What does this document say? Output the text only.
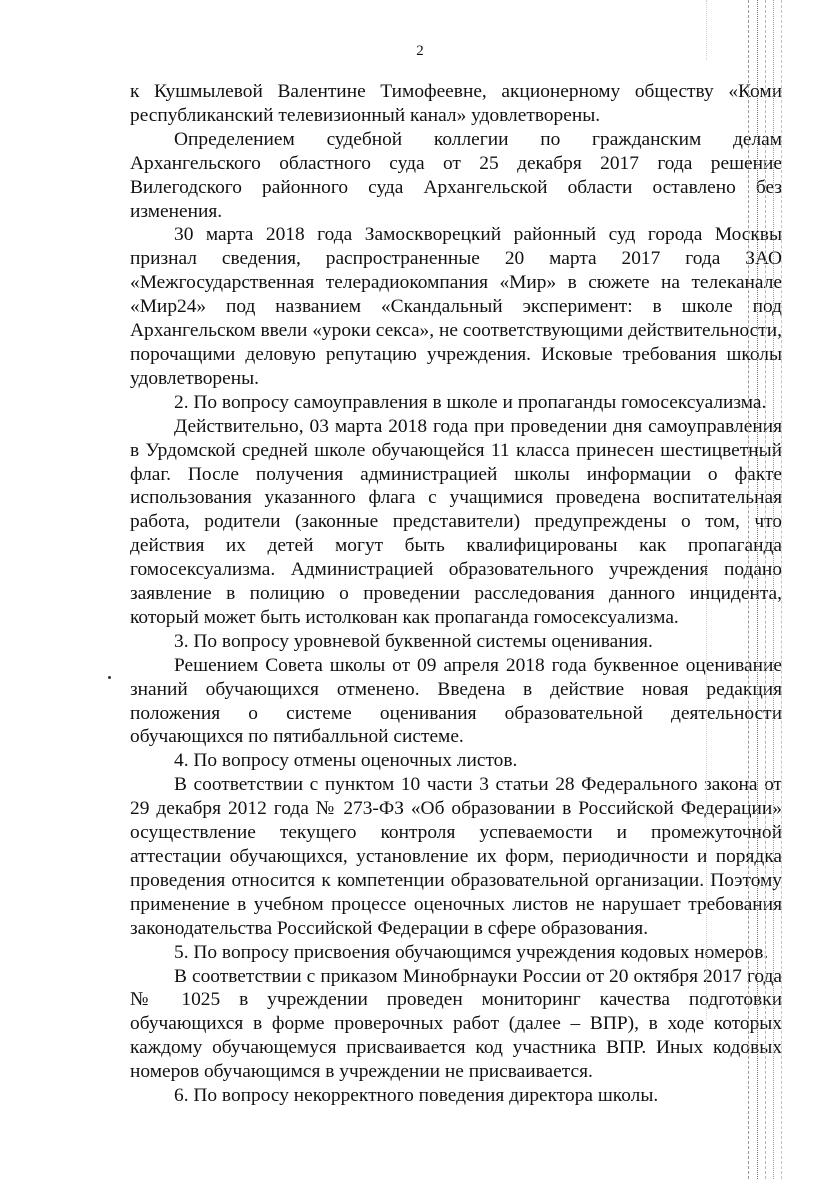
2

к Кушмылевой Валентине Тимофеевне, акционерному обществу «Коми республиканский телевизионный канал» удовлетворены.

Определением судебной коллегии по гражданским делам Архангельского областного суда от 25 декабря 2017 года решение Вилегодского районного суда Архангельской области оставлено без изменения.

30 марта 2018 года Замоскворецкий районный суд города Москвы признал сведения, распространенные 20 марта 2017 года ЗАО «Межгосударственная телерадиокомпания «Мир» в сюжете на телеканале «Мир24» под названием «Скандальный эксперимент: в школе под Архангельском ввели «уроки секса», не соответствующими действительности, порочащими деловую репутацию учреждения. Исковые требования школы удовлетворены.

2. По вопросу самоуправления в школе и пропаганды гомосексуализма.

Действительно, 03 марта 2018 года при проведении дня самоуправления в Урдомской средней школе обучающейся 11 класса принесен шестицветный флаг. После получения администрацией школы информации о факте использования указанного флага с учащимися проведена воспитательная работа, родители (законные представители) предупреждены о том, что действия их детей могут быть квалифицированы как пропаганда гомосексуализма. Администрацией образовательного учреждения подано заявление в полицию о проведении расследования данного инцидента, который может быть истолкован как пропаганда гомосексуализма.

3. По вопросу уровневой буквенной системы оценивания.

Решением Совета школы от 09 апреля 2018 года буквенное оценивание знаний обучающихся отменено. Введена в действие новая редакция положения о системе оценивания образовательной деятельности обучающихся по пятибалльной системе.

4. По вопросу отмены оценочных листов.

В соответствии с пунктом 10 части 3 статьи 28 Федерального закона от 29 декабря 2012 года № 273-ФЗ «Об образовании в Российской Федерации» осуществление текущего контроля успеваемости и промежуточной аттестации обучающихся, установление их форм, периодичности и порядка проведения относится к компетенции образовательной организации. Поэтому применение в учебном процессе оценочных листов не нарушает требования законодательства Российской Федерации в сфере образования.

5. По вопросу присвоения обучающимся учреждения кодовых номеров.

В соответствии с приказом Минобрнауки России от 20 октября 2017 года № 1025 в учреждении проведен мониторинг качества подготовки обучающихся в форме проверочных работ (далее – ВПР), в ходе которых каждому обучающемуся присваивается код участника ВПР. Иных кодовых номеров обучающимся в учреждении не присваивается.

6. По вопросу некорректного поведения директора школы.
